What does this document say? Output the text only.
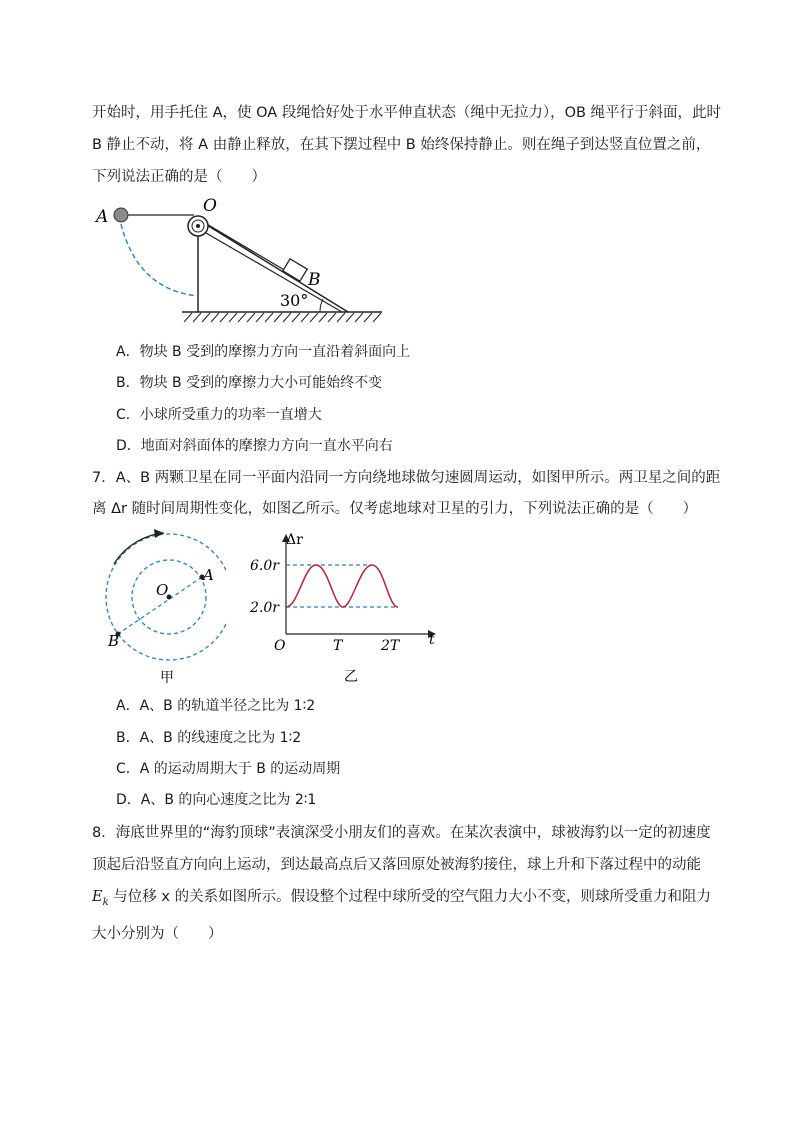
开始时，用手托住 A，使 OA 段绳恰好处于水平伸直状态（绳中无拉力），OB 绳平行于斜面，此时
B 静止不动，将 A 由静止释放，在其下摆过程中 B 始终保持静止。则在绳子到达竖直位置之前，
下列说法正确的是（　　）
A
O
B
30°
A．物块 B 受到的摩擦力方向一直沿着斜面向上
B．物块 B 受到的摩擦力大小可能始终不变
C．小球所受重力的功率一直增大
D．地面对斜面体的摩擦力方向一直水平向右
7．A、B 两颗卫星在同一平面内沿同一方向绕地球做匀速圆周运动，如图甲所示。两卫星之间的距
离 Δr 随时间周期性变化，如图乙所示。仅考虑地球对卫星的引力，下列说法正确的是（　　）
O
A
B
甲
Δr
6.0r
2.0r
O	T	2T t
乙
A．A、B 的轨道半径之比为 1∶2
B．A、B 的线速度之比为 1∶2
C．A 的运动周期大于 B 的运动周期
D．A、B 的向心速度之比为 2∶1
8．海底世界里的“海豹顶球”表演深受小朋友们的喜欢。在某次表演中，球被海豹以一定的初速度
顶起后沿竖直方向向上运动，到达最高点后又落回原处被海豹接住，球上升和下落过程中的动能
$E_k$ 与位移 x 的关系如图所示。假设整个过程中球所受的空气阻力大小不变，则球所受重力和阻力
大小分别为（　　）
